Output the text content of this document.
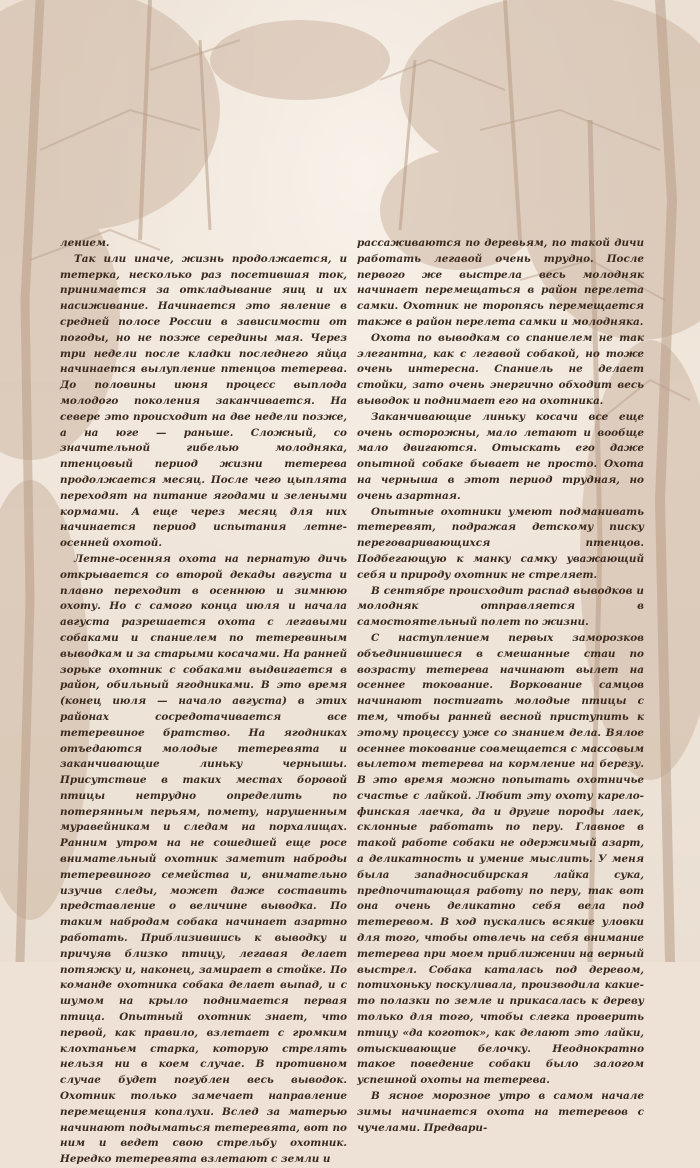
лением.

Так или иначе, жизнь продолжается, и тетерка, несколько раз посетившая ток, принимается за откладывание яиц и их насиживание. Начинается это явление в средней полосе России в зависимости от погоды, но не позже середины мая. Через три недели после кладки последнего яйца начинается вылупление птенцов тетерева. До половины июня процесс выплода молодого поколения заканчивается. На севере это происходит на две недели позже, а на юге — раньше. Сложный, со значительной гибелью молодняка, птенцовый период жизни тетерева продолжается месяц. После чего цыплята переходят на питание ягодами и зелеными кормами. А еще через месяц для них начинается период испытания летне-осенней охотой.

Летне-осенняя охота на пернатую дичь открывается со второй декады августа и плавно переходит в осеннюю и зимнюю охоту. Но с самого конца июля и начала августа разрешается охота с легавыми собаками и спаниелем по тетеревиным выводкам и за старыми косачами. На ранней зорьке охотник с собаками выдвигается в район, обильный ягодниками. В это время (конец июля — начало августа) в этих районах сосредотачивается все тетеревиное братство. На ягодниках отъедаются молодые тетеревята и заканчивающие линьку чернышы. Присутствие в таких местах боровой птицы нетрудно определить по потерянным перьям, помету, нарушенным муравейникам и следам на порхалищах. Ранним утром на не сошедшей еще росе внимательный охотник заметит наброды тетеревиного семейства и, внимательно изучив следы, может даже составить представление о величине выводка. По таким набродам собака начинает азартно работать. Приблизившись к выводку и причуяв близко птицу, легавая делает потяжку и, наконец, замирает в стойке. По команде охотника собака делает выпад, и с шумом на крыло поднимается первая птица. Опытный охотник знает, что первой, как правило, взлетает с громким клохтаньем старка, которую стрелять нельзя ни в коем случае. В противном случае будет погублен весь выводок. Охотник только замечает направление перемещения копалухи. Вслед за матерью начинают подыматься тетеревята, вот по ним и ведет свою стрельбу охотник. Нередко тетеревята взлетают с земли и

рассаживаются по деревьям, по такой дичи работать легавой очень трудно. После первого же выстрела весь молодняк начинает перемещаться в район перелета самки. Охотник не торопясь перемещается также в район перелета самки и молодняка.

Охота по выводкам со спаниелем не так элегантна, как с легавой собакой, но тоже очень интересна. Спаниель не делает стойки, зато очень энергично обходит весь выводок и поднимает его на охотника.

Заканчивающие линьку косачи все еще очень осторожны, мало летают и вообще мало двигаются. Отыскать его даже опытной собаке бывает не просто. Охота на чернышa в этот период трудная, но очень азартная.

Опытные охотники умеют подманивать тетеревят, подражая детскому писку переговаривающихся птенцов. Подбегающую к манку самку уважающий себя и природу охотник не стреляет.

В сентябре происходит распад выводков и молодняк отправляется в самостоятельный полет по жизни.

С наступлением первых заморозков объединившиеся в смешанные стаи по возрасту тетерева начинают вылет на осеннее токование. Воркование самцов начинают постигать молодые птицы с тем, чтобы ранней весной приступить к этому процессу уже со знанием дела. Вялое осеннее токование совмещается с массовым вылетом тетерева на кормление на березу. В это время можно попытать охотничье счастье с лайкой. Любит эту охоту карело-финская лаечка, да и другие породы лаек, склонные работать по перу. Главное в такой работе собаки не одержимый азарт, а деликатность и умение мыслить. У меня была западносибирская лайка сука, предпочитающая работу по перу, так вот она очень деликатно себя вела под тетеревом. В ход пускались всякие уловки для того, чтобы отвлечь на себя внимание тетерева при моем приближении на верный выстрел. Собака каталась под деревом, потихоньку поскуливала, производила какие-то полазки по земле и прикасалась к дереву только для того, чтобы слегка проверить птицу «да коготок», как делают это лайки, отыскивающие белочку. Неоднократно такое поведение собаки было залогом успешной охоты на тетерева.

В ясное морозное утро в самом начале зимы начинается охота на тетеревов с чучелами. Предвари-
